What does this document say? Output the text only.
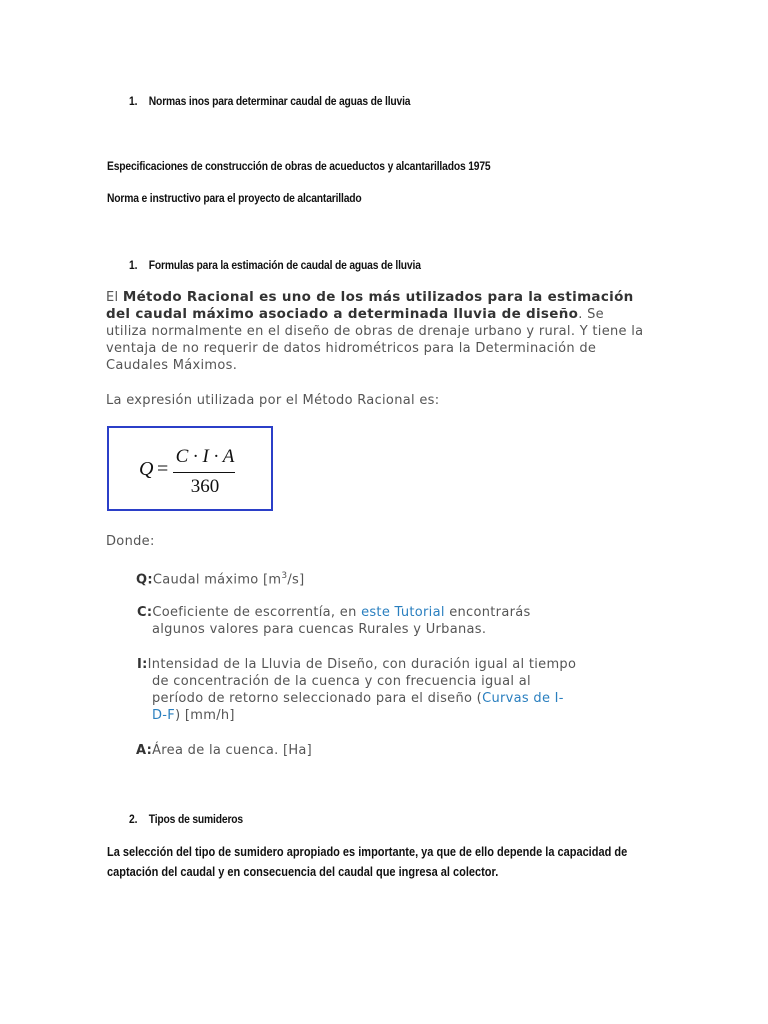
1. Normas inos para determinar caudal de aguas de lluvia
Especificaciones de construcción de obras de acueductos y alcantarillados 1975
Norma e instructivo para el proyecto de alcantarillado
1. Formulas para la estimación de caudal de aguas de lluvia
El Método Racional es uno de los más utilizados para la estimación del caudal máximo asociado a determinada lluvia de diseño. Se utiliza normalmente en el diseño de obras de drenaje urbano y rural. Y tiene la ventaja de no requerir de datos hidrométricos para la Determinación de Caudales Máximos.
La expresión utilizada por el Método Racional es:
Q =
C · I · A
360
Donde:
Q:Caudal máximo $[m^3/s]$
C:Coeficiente de escorrentía, en este Tutorial encontrarás algunos valores para cuencas Rurales y Urbanas.
I:Intensidad de la Lluvia de Diseño, con duración igual al tiempo de concentración de la cuenca y con frecuencia igual al período de retorno seleccionado para el diseño (Curvas de I-D-F) [mm/h]
A:Área de la cuenca. [Ha]
2. Tipos de sumideros
La selección del tipo de sumidero apropiado es importante, ya que de ello depende la capacidad de captación del caudal y en consecuencia del caudal que ingresa al colector.
